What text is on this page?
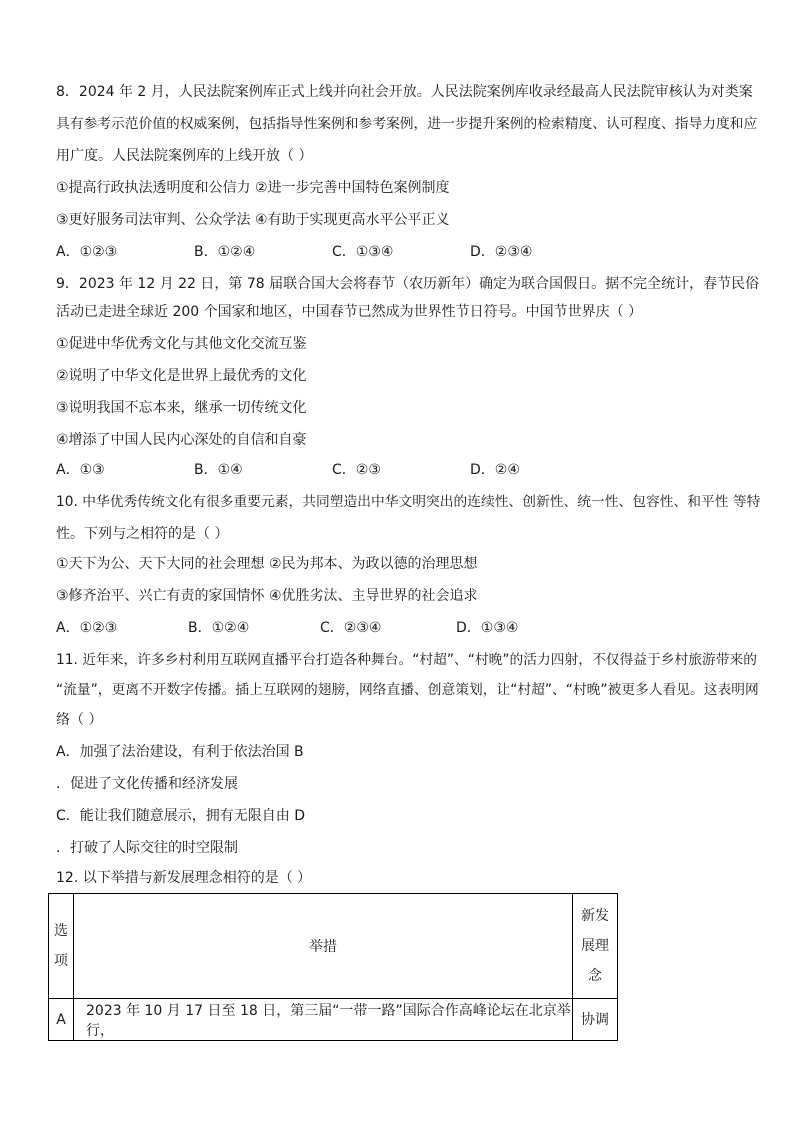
8．2024 年 2 月，人民法院案例库正式上线并向社会开放。人民法院案例库收录经最高人民法院审核认为对类案
具有参考示范价值的权威案例，包括指导性案例和参考案例，进一步提升案例的检索精度、认可程度、指导力度和应
用广度。人民法院案例库的上线开放（ ）
①提高行政执法透明度和公信力 ②进一步完善中国特色案例制度
③更好服务司法审判、公众学法 ④有助于实现更高水平公平正义
A．①②③	B．①②④	C．①③④	D．②③④
9．2023 年 12 月 22 日，第 78 届联合国大会将春节（农历新年）确定为联合国假日。据不完全统计，春节民俗
活动已走进全球近 200 个国家和地区，中国春节已然成为世界性节日符号。中国节世界庆（ ）
①促进中华优秀文化与其他文化交流互鉴
②说明了中华文化是世界上最优秀的文化
③说明我国不忘本来，继承一切传统文化
④增添了中国人民内心深处的自信和自豪
A．①③	B．①④	C．②③	D．②④
10. 中华优秀传统文化有很多重要元素，共同塑造出中华文明突出的连续性、创新性、统一性、包容性、和平性 等特
性。下列与之相符的是（ ）
①天下为公、天下大同的社会理想 ②民为邦本、为政以德的治理思想
③修齐治平、兴亡有责的家国情怀 ④优胜劣汰、主导世界的社会追求
A．①②③	B．①②④	C．②③④	D．①③④
11. 近年来，许多乡村利用互联网直播平台打造各种舞台。“村超”、“村晚”的活力四射，不仅得益于乡村旅游带来的
“流量”，更离不开数字传播。插上互联网的翅膀，网络直播、创意策划，让“村超”、“村晚”被更多人看见。这表明网
络（ ）
A．加强了法治建设，有利于依法治国 B
．促进了文化传播和经济发展
C．能让我们随意展示，拥有无限自由 D
．打破了人际交往的时空限制
12. 以下举措与新发展理念相符的是（ ）
选
项	举措	新发
展理
念

A	2023 年 10 月 17 日至 18 日，第三届“一带一路”国际合作高峰论坛在北京举行，	协调
